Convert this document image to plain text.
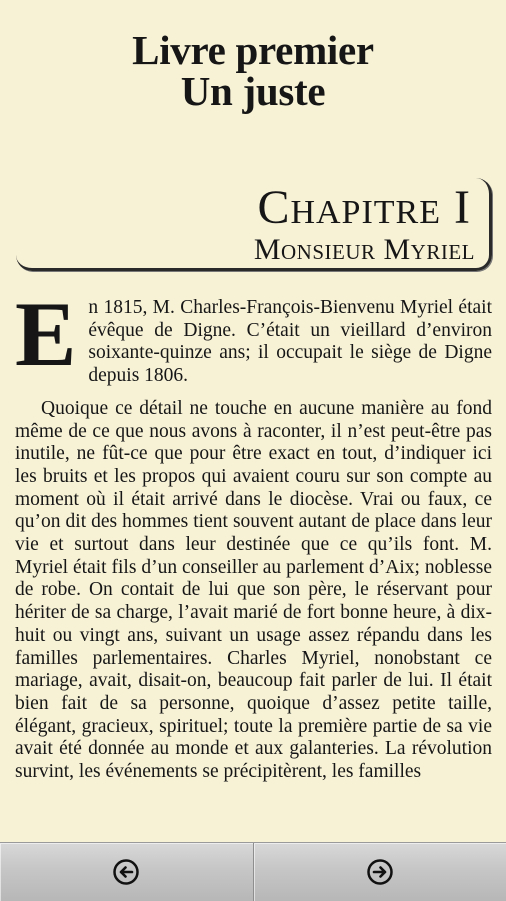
Livre premier
Un juste
Chapitre I
Monsieur Myriel

En 1815, M. Charles-François-Bienvenu Myriel était évêque de Digne. C’était un vieillard d’environ soixante-quinze ans; il occupait le siège de Digne depuis 1806.

Quoique ce détail ne touche en aucune manière au fond même de ce que nous avons à raconter, il n’est peut-être pas inutile, ne fût-ce que pour être exact en tout, d’indiquer ici les bruits et les propos qui avaient couru sur son compte au moment où il était arrivé dans le diocèse. Vrai ou faux, ce qu’on dit des hommes tient souvent autant de place dans leur vie et surtout dans leur destinée que ce qu’ils font. M. Myriel était fils d’un conseiller au parlement d’Aix; noblesse de robe. On contait de lui que son père, le réservant pour hériter de sa charge, l’avait marié de fort bonne heure, à dix-huit ou vingt ans, suivant un usage assez répandu dans les familles parlementaires. Charles Myriel, nonobstant ce mariage, avait, disait-on, beaucoup fait parler de lui. Il était bien fait de sa personne, quoique d’assez petite taille, élégant, gracieux, spirituel; toute la première partie de sa vie avait été donnée au monde et aux galanteries. La révolution survint, les événements se précipitèrent, les familles
